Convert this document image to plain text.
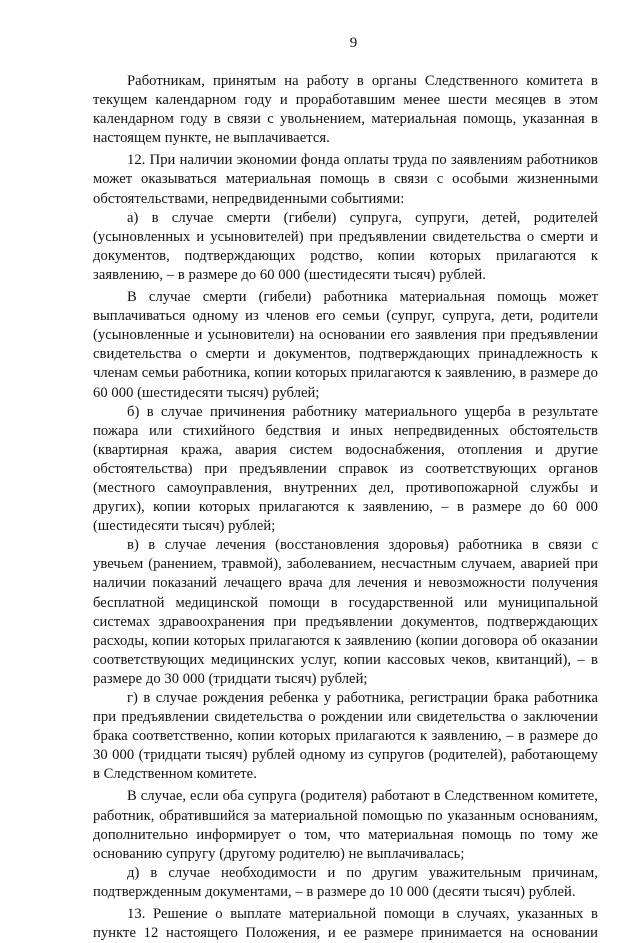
9

Работникам, принятым на работу в органы Следственного комитета в текущем календарном году и проработавшим менее шести месяцев в этом календарном году в связи с увольнением, материальная помощь, указанная в настоящем пункте, не выплачивается.

12. При наличии экономии фонда оплаты труда по заявлениям работников может оказываться материальная помощь в связи с особыми жизненными обстоятельствами, непредвиденными событиями:

а) в случае смерти (гибели) супруга, супруги, детей, родителей (усыновленных и усыновителей) при предъявлении свидетельства о смерти и документов, подтверждающих родство, копии которых прилагаются к заявлению, – в размере до 60 000 (шестидесяти тысяч) рублей.

В случае смерти (гибели) работника материальная помощь может выплачиваться одному из членов его семьи (супруг, супруга, дети, родители (усыновленные и усыновители) на основании его заявления при предъявлении свидетельства о смерти и документов, подтверждающих принадлежность к членам семьи работника, копии которых прилагаются к заявлению, в размере до 60 000 (шестидесяти тысяч) рублей;

б) в случае причинения работнику материального ущерба в результате пожара или стихийного бедствия и иных непредвиденных обстоятельств (квартирная кража, авария систем водоснабжения, отопления и другие обстоятельства) при предъявлении справок из соответствующих органов (местного самоуправления, внутренних дел, противопожарной службы и других), копии которых прилагаются к заявлению, – в размере до 60 000 (шестидесяти тысяч) рублей;

в) в случае лечения (восстановления здоровья) работника в связи с увечьем (ранением, травмой), заболеванием, несчастным случаем, аварией при наличии показаний лечащего врача для лечения и невозможности получения бесплатной медицинской помощи в государственной или муниципальной системах здравоохранения при предъявлении документов, подтверждающих расходы, копии которых прилагаются к заявлению (копии договора об оказании соответствующих медицинских услуг, копии кассовых чеков, квитанций), – в размере до 30 000 (тридцати тысяч) рублей;

г) в случае рождения ребенка у работника, регистрации брака работника при предъявлении свидетельства о рождении или свидетельства о заключении брака соответственно, копии которых прилагаются к заявлению, – в размере до 30 000 (тридцати тысяч) рублей одному из супругов (родителей), работающему в Следственном комитете.

В случае, если оба супруга (родителя) работают в Следственном комитете, работник, обратившийся за материальной помощью по указанным основаниям, дополнительно информирует о том, что материальная помощь по тому же основанию супругу (другому родителю) не выплачивалась;

д) в случае необходимости и по другим уважительным причинам, подтвержденным документами, – в размере до 10 000 (десяти тысяч) рублей.

13. Решение о выплате материальной помощи в случаях, указанных в пункте 12 настоящего Положения, и ее размере принимается на основании
